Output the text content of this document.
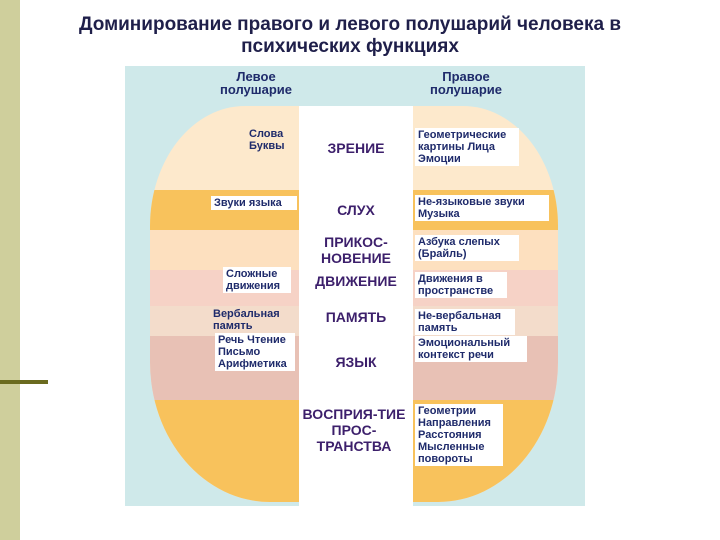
Доминирование правого и левого полушарий человека в психических функциях
Левое полушарие
Правое полушарие
ЗРЕНИЕ
СЛУХ
ПРИКОС-НОВЕНИЕ
ДВИЖЕНИЕ
ПАМЯТЬ
ЯЗЫК
ВОСПРИЯ-ТИЕ ПРОС-ТРАНСТВА
Слова Буквы
Звуки языка
Сложные движения
Вербальная память
Речь Чтение Письмо Арифметика
Геометрические картины Лица Эмоции
Не-языковые звуки Музыка
Азбука слепых (Брайль)
Движения в пространстве
Не-вербальная память
Эмоциональный контекст речи
Геометрии Направления Расстояния Мысленные повороты
